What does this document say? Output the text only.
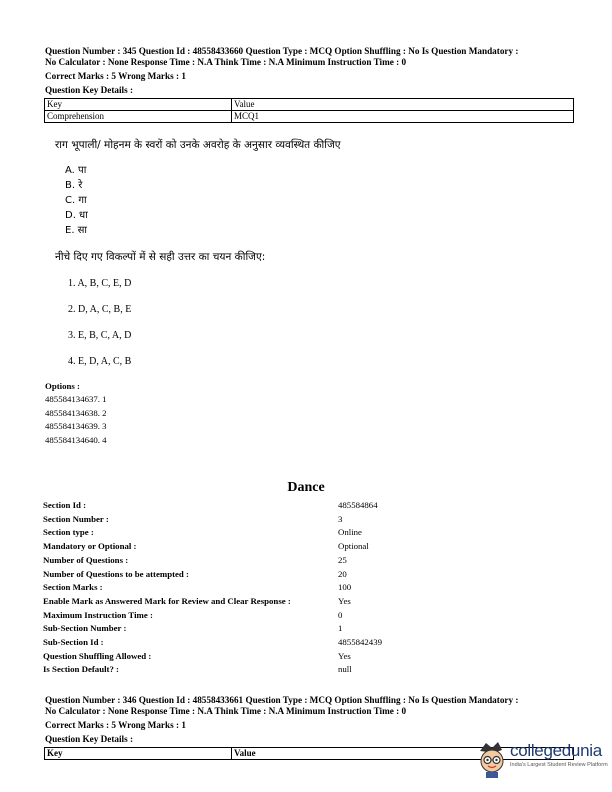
Question Number : 345 Question Id : 48558433660 Question Type : MCQ Option Shuffling : No Is Question Mandatory :
No Calculator : None Response Time : N.A Think Time : N.A Minimum Instruction Time : 0
Correct Marks : 5 Wrong Marks : 1
Question Key Details :
Key	Value
Comprehension	MCQ1
राग भूपाली/ मोहनम के स्वरों को उनके अवरोह के अनुसार व्यवस्थित कीजिए
A. पा
B. रे
C. गा
D. धा
E. सा
नीचे दिए गए विकल्पों में से सही उत्तर का चयन कीजिए:
1. A, B, C, E, D
2. D, A, C, B, E
3. E, B, C, A, D
4. E, D, A, C, B
Options :
485584134637. 1
485584134638. 2
485584134639. 3
485584134640. 4
Dance
Section Id :	485584864
Section Number :	3
Section type :	Online
Mandatory or Optional :	Optional
Number of Questions :	25
Number of Questions to be attempted :	20
Section Marks :	100
Enable Mark as Answered Mark for Review and Clear Response :	Yes
Maximum Instruction Time :	0
Sub-Section Number :	1
Sub-Section Id :	4855842439
Question Shuffling Allowed :	Yes
Is Section Default? :	null
Question Number : 346 Question Id : 48558433661 Question Type : MCQ Option Shuffling : No Is Question Mandatory :
No Calculator : None Response Time : N.A Think Time : N.A Minimum Instruction Time : 0
Correct Marks : 5 Wrong Marks : 1
Question Key Details :
Key	Value	collegedunia
India's Largest Student Review Platform
